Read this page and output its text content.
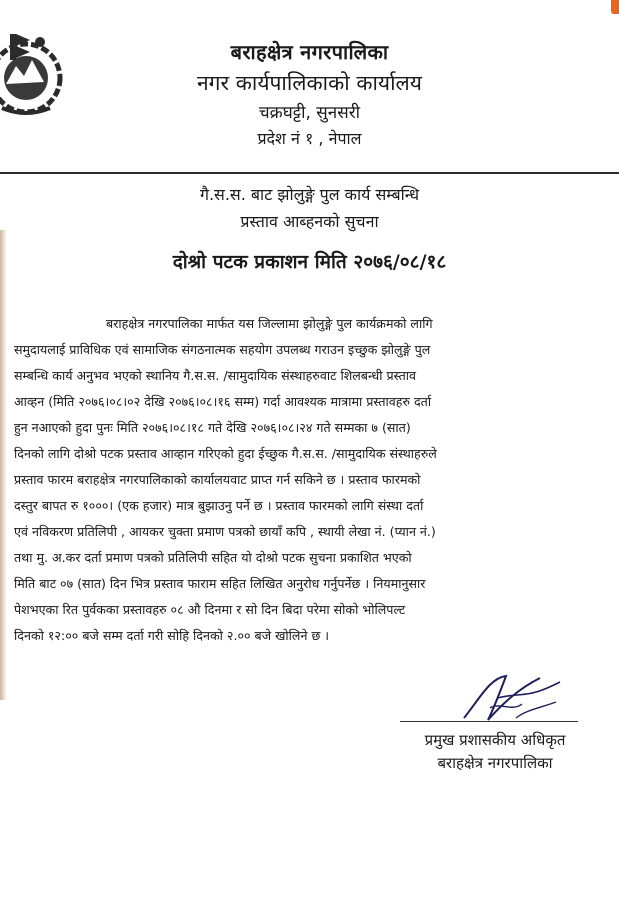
बराहक्षेत्र नगरपालिका
नगर कार्यपालिकाको कार्यालय
चक्रघट्टी, सुनसरी
प्रदेश नं १ , नेपाल
गै.स.स. बाट झोलुङ्गे पुल कार्य सम्बन्धि
प्रस्ताव आब्हनको सुचना
दोश्रो पटक प्रकाशन मिति २०७६/०८/१८
बराहक्षेत्र नगरपालिका मार्फत यस जिल्लामा झोलुङ्गे पुल कार्यक्रमको लागि
समुदायलाई प्राविधिक एवं सामाजिक संगठनात्मक सहयोग उपलब्ध गराउन इच्छुक झोलुङ्गे पुल
सम्बन्धि कार्य अनुभव भएको स्थानिय गै.स.स. /सामुदायिक संस्थाहरुवाट शिलबन्धी प्रस्ताव
आव्हन (मिति २०७६।०८।०२ देखि २०७६।०८।१६ सम्म) गर्दा आवश्यक मात्रामा प्रस्तावहरु दर्ता
हुन नआएको हुदा पुनः मिति २०७६।०८।१८ गते देखि २०७६।०८।२४ गते सम्मका ७ (सात)
दिनको लागि दोश्रो पटक प्रस्ताव आव्हान गरिएको हुदा ईच्छुक गै.स.स. /सामुदायिक संस्थाहरुले
प्रस्ताव फारम बराहक्षेत्र नगरपालिकाको कार्यालयवाट प्राप्त गर्न सकिने छ । प्रस्ताव फारमको
दस्तुर बापत रु १०००। (एक हजार) मात्र बुझाउनु पर्ने छ । प्रस्ताव फारमको लागि संस्था दर्ता
एवं नविकरण प्रतिलिपी , आयकर चुक्ता प्रमाण पत्रको छायाँ कपि , स्थायी लेखा नं. (प्यान नं.)
तथा मु. अ.कर दर्ता प्रमाण पत्रको प्रतिलिपी सहित यो दोश्रो पटक सुचना प्रकाशित भएको
मिति बाट ०७ (सात) दिन भित्र प्रस्ताव फाराम सहित लिखित अनुरोध गर्नुपर्नेछ । नियमानुसार
पेशभएका रित पुर्वकका प्रस्तावहरु ०८ औ दिनमा र सो दिन बिदा परेमा सोको भोलिपल्ट
दिनको १२:०० बजे सम्म दर्ता गरी सोहि दिनको २.०० बजे खोलिने छ ।
प्रमुख प्रशासकीय अधिकृत
बराहक्षेत्र नगरपालिका
